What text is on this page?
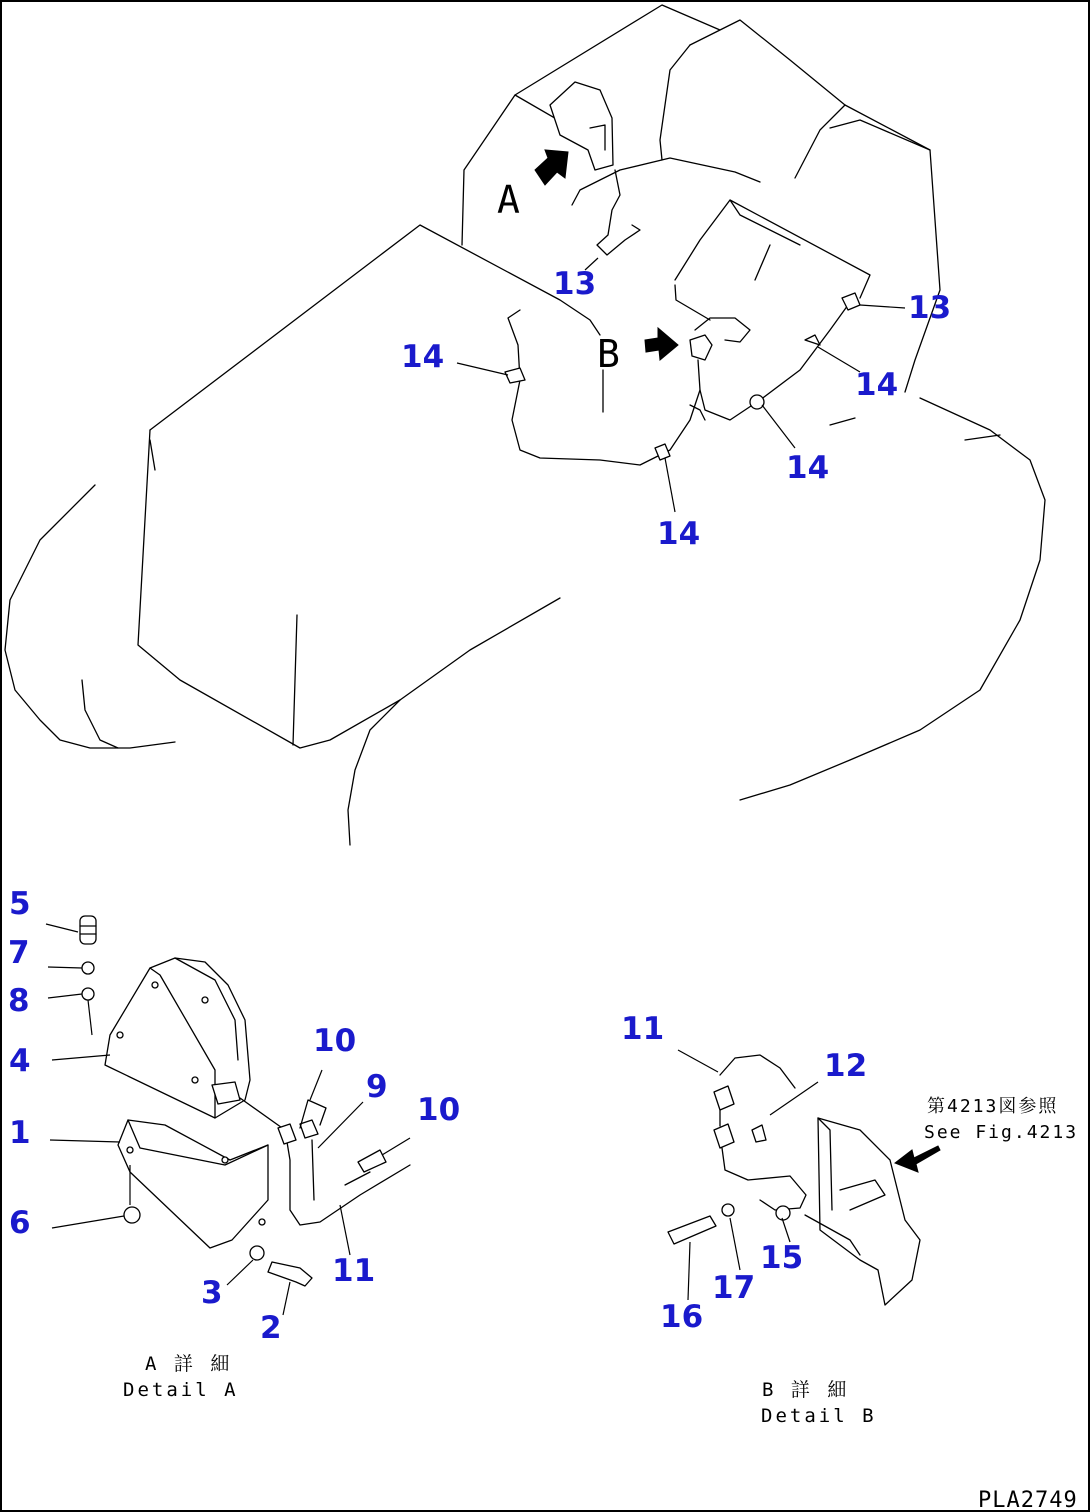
A
B
13
13
14
14
14
14
5
7
8
4
1
6
3
2
10
9
10
11
A 詳 細
Detail A
11
12
15
17
16
第4213図参照
See Fig.4213
B 詳 細
Detail B
PLA2749
